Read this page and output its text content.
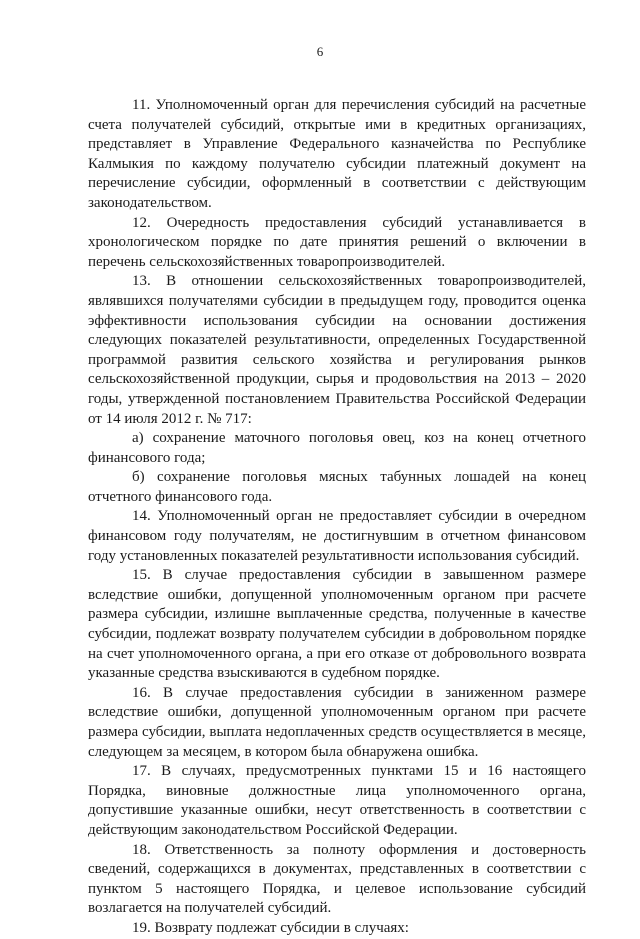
6

11. Уполномоченный орган для перечисления субсидий на расчетные счета получателей субсидий, открытые ими в кредитных организациях, представляет в Управление Федерального казначейства по Республике Калмыкия по каждому получателю субсидии платежный документ на перечисление субсидии, оформленный в соответствии с действующим законодательством.

12. Очередность предоставления субсидий устанавливается в хронологическом порядке по дате принятия решений о включении в перечень сельскохозяйственных товаропроизводителей.

13. В отношении сельскохозяйственных товаропроизводителей, являвшихся получателями субсидии в предыдущем году, проводится оценка эффективности использования субсидии на основании достижения следующих показателей результативности, определенных Государственной программой развития сельского хозяйства и регулирования рынков сельскохозяйственной продукции, сырья и продовольствия на 2013 – 2020 годы, утвержденной постановлением Правительства Российской Федерации от 14 июля 2012 г. № 717:

а) сохранение маточного поголовья овец, коз на конец отчетного финансового года;

б) сохранение поголовья мясных табунных лошадей на конец отчетного финансового года.

14. Уполномоченный орган не предоставляет субсидии в очередном финансовом году получателям, не достигнувшим в отчетном финансовом году установленных показателей результативности использования субсидий.

15. В случае предоставления субсидии в завышенном размере вследствие ошибки, допущенной уполномоченным органом при расчете размера субсидии, излишне выплаченные средства, полученные в качестве субсидии, подлежат возврату получателем субсидии в добровольном порядке на счет уполномоченного органа, а при его отказе от добровольного возврата указанные средства взыскиваются в судебном порядке.

16. В случае предоставления субсидии в заниженном размере вследствие ошибки, допущенной уполномоченным органом при расчете размера субсидии, выплата недоплаченных средств осуществляется в месяце, следующем за месяцем, в котором была обнаружена ошибка.

17. В случаях, предусмотренных пунктами 15 и 16 настоящего Порядка, виновные должностные лица уполномоченного органа, допустившие указанные ошибки, несут ответственность в соответствии с действующим законодательством Российской Федерации.

18. Ответственность за полноту оформления и достоверность сведений, содержащихся в документах, представленных в соответствии с пунктом 5 настоящего Порядка, и целевое использование субсидий возлагается на получателей субсидий.

19. Возврату подлежат субсидии в случаях:
